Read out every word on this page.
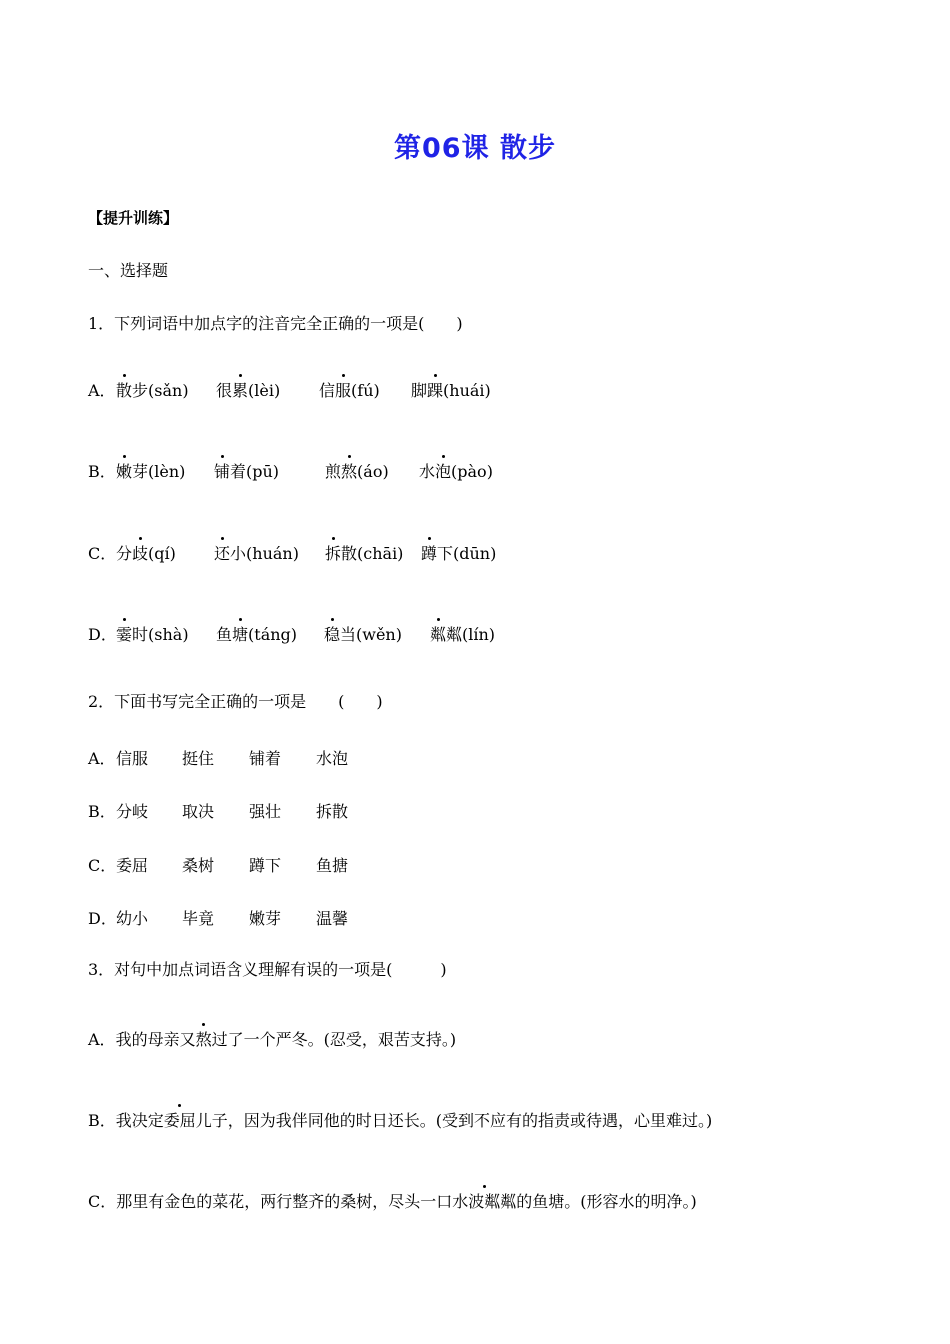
第06课 散步
【提升训练】
一、选择题
1．下列词语中加点字的注音完全正确的一项是(　　)
A． 散步(sǎn) 很累(lèi) 信服(fú) 脚踝(huái)
B． 嫩芽(lèn) 铺着(pū)	煎熬(áo) 水泡(pào)
C． 分歧(qí) 还小(huán) 拆散(chāi) 蹲下(dūn)
D． 霎时(shà) 鱼塘(táng) 稳当(wěn) 粼粼(lín)
2．下面书写完全正确的一项是　　(　　)
A． 信服 挺住 铺着 水泡
B． 分岐 取决 强壮 拆散
C． 委屈 桑树 蹲下 鱼搪
D． 幼小 毕竟 嫩芽 温馨
3．对句中加点词语含义理解有误的一项是(　　　)
A．我的母亲又熬过了一个严冬。(忍受，艰苦支持。)
B．我决定委屈儿子，因为我伴同他的时日还长。(受到不应有的指责或待遇，心里难过。)
C．那里有金色的菜花，两行整齐的桑树，尽头一口水波粼粼的鱼塘。(形容水的明净。)
